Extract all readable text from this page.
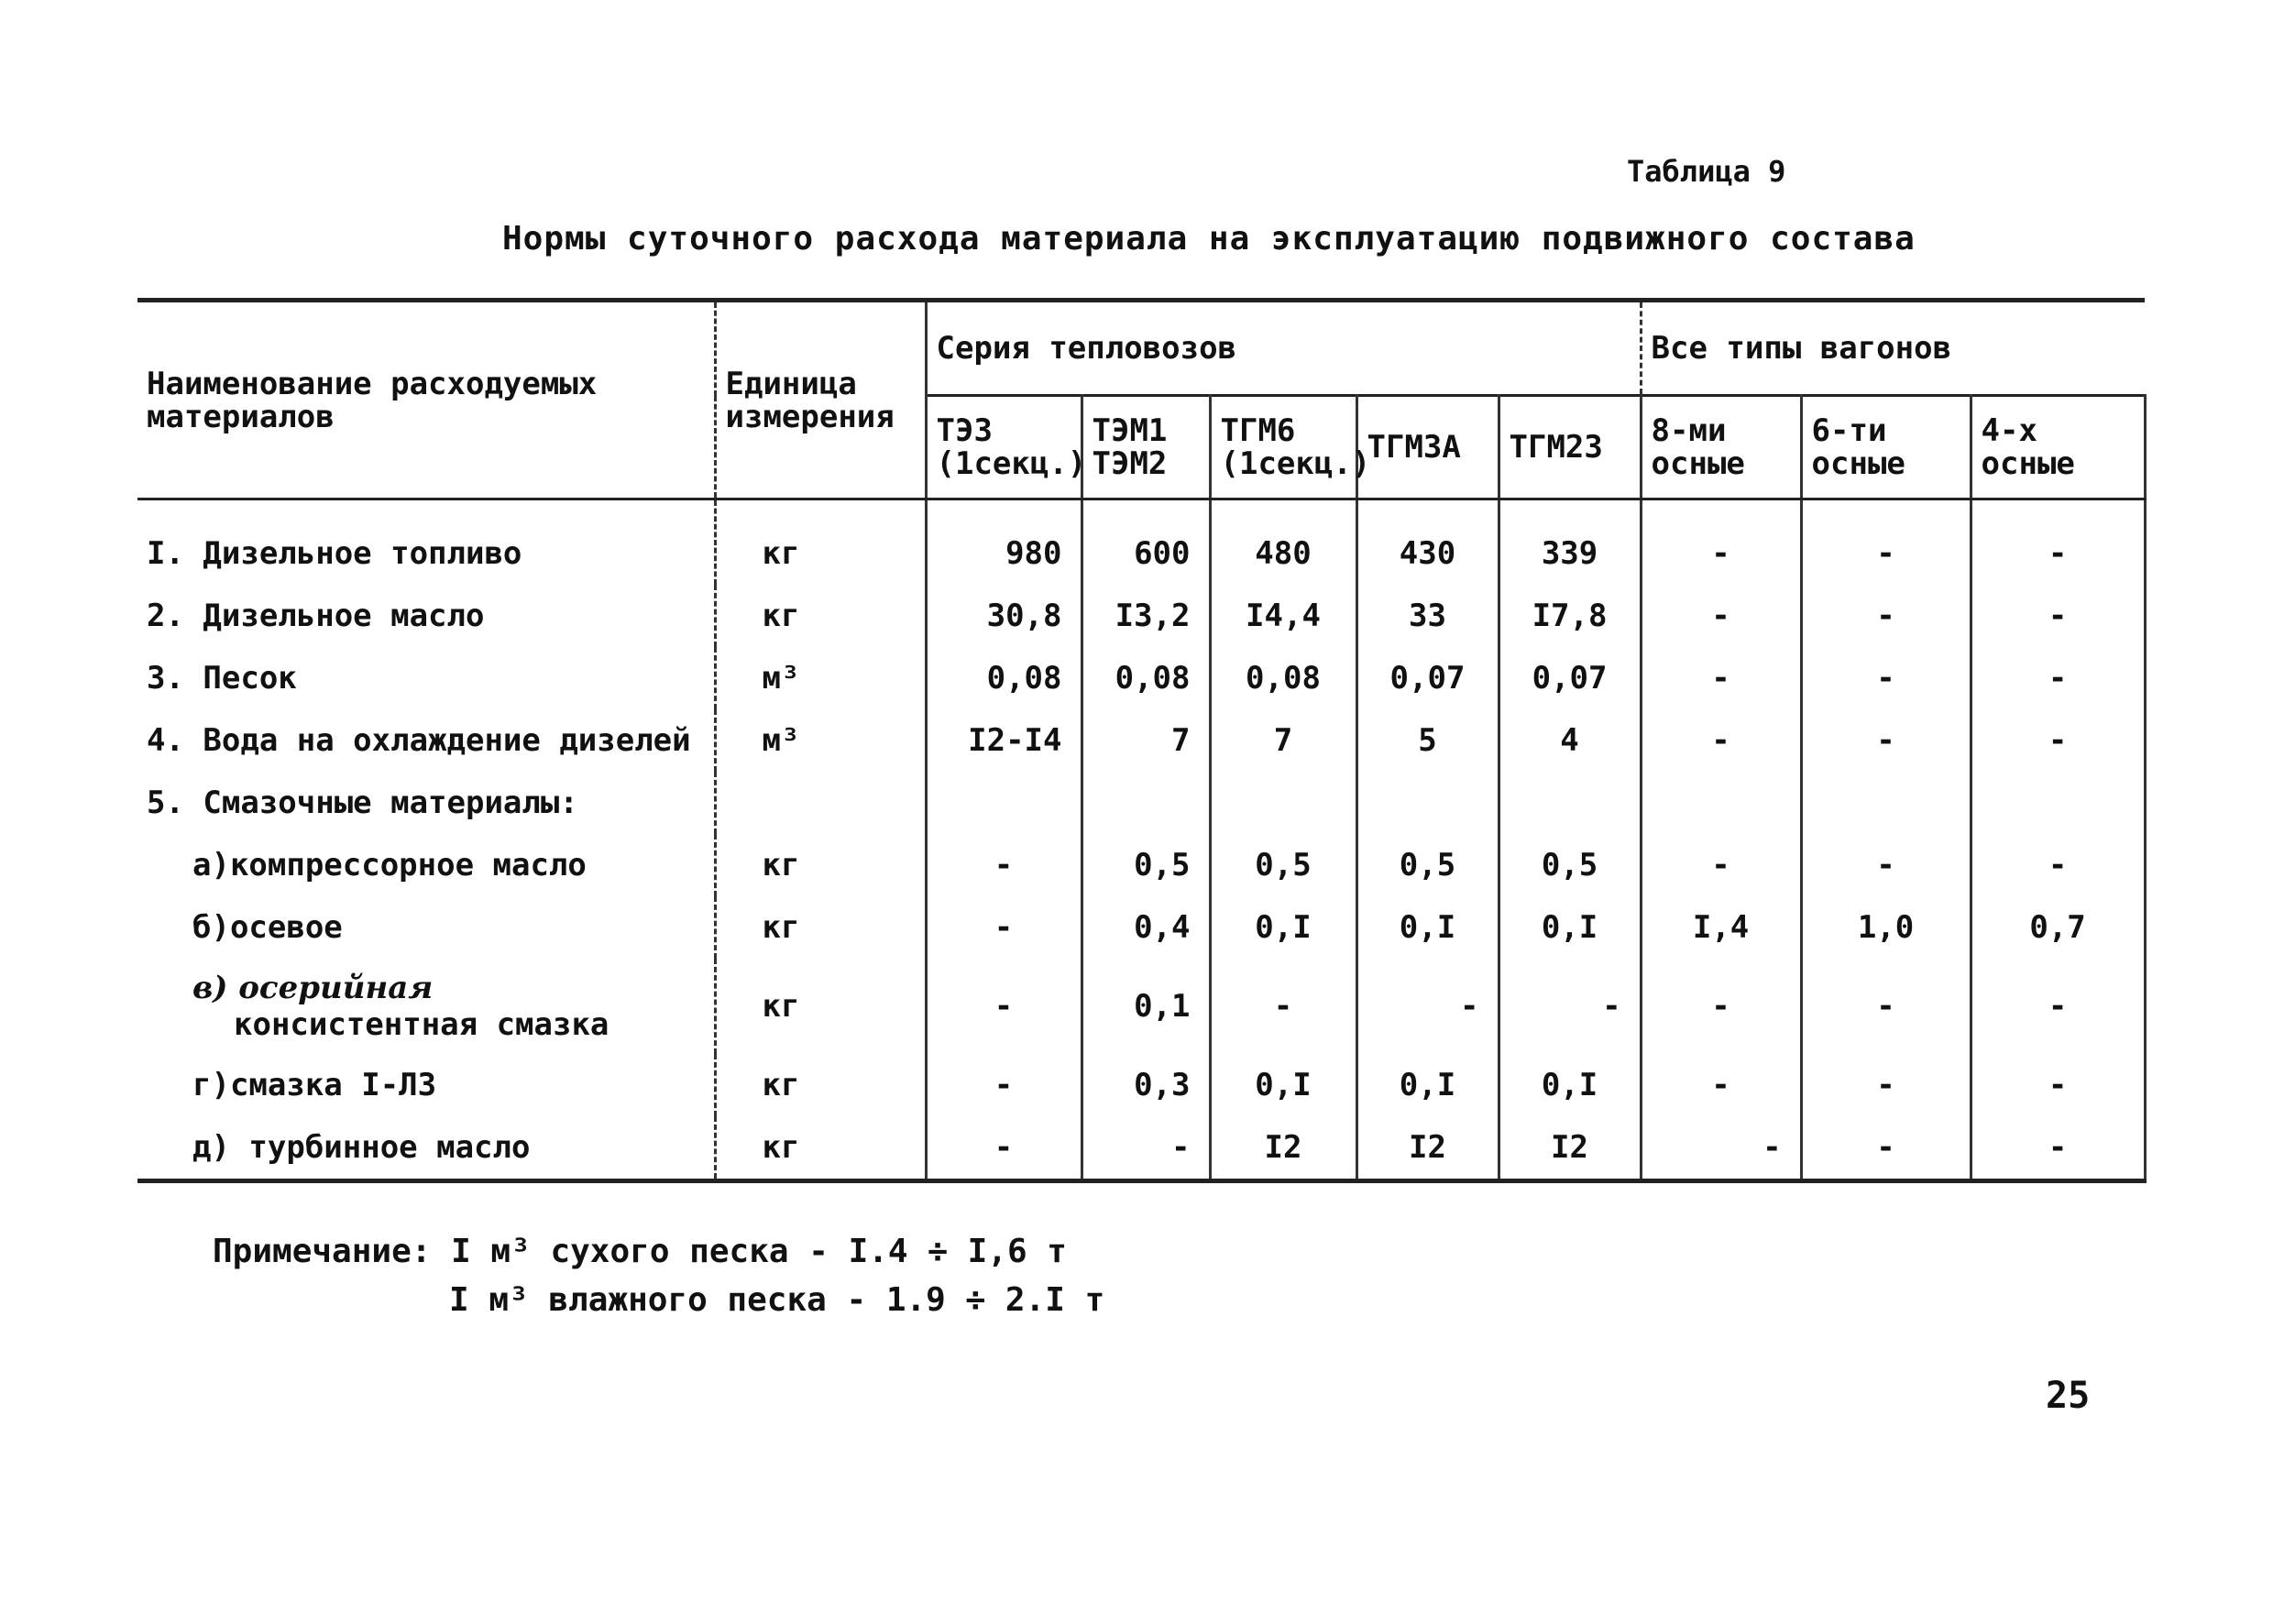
Таблица 9
Нормы суточного расхода материала на эксплуатацию подвижного состава
Наименование расходуемых материалов	Единица измерения	Серия тепловозов					Все типы вагонов		
		ТЭ3 (1секц.)	ТЭМ1 ТЭМ2	ТГМ6 (1секц.)	ТГМ3А	ТГМ23	8-ми осные	6-ти осные	4-х осные
I. Дизельное топливо	кг	980	600	480	430	339	-	-	-
2. Дизельное масло	кг	30,8	I3,2	I4,4	33	I7,8	-	-	-
3. Песок	м³	0,08	0,08	0,08	0,07	0,07	-	-	-
4. Вода на охлаждение дизелей	м³	I2-I4	7	7	5	4	-	-	-
5. Смазочные материалы:									
а)компрессорное масло	кг	-	0,5	0,5	0,5	0,5	-	-	-
б)осевое	кг	-	0,4	0,I	0,I	0,I	I,4	1,0	0,7

в) осерийная
консистентная смазка	кг	-	0,1	-	-	-	-	-	-
г)смазка I-ЛЗ	кг	-	0,3	0,I	0,I	0,I	-	-	-
д) турбинное масло	кг	-	-	I2	I2	I2	-	-	-
Примечание: I м³ сухого песка - I.4 ÷ I,6 т
I м³ влажного песка - 1.9 ÷ 2.I т
25
